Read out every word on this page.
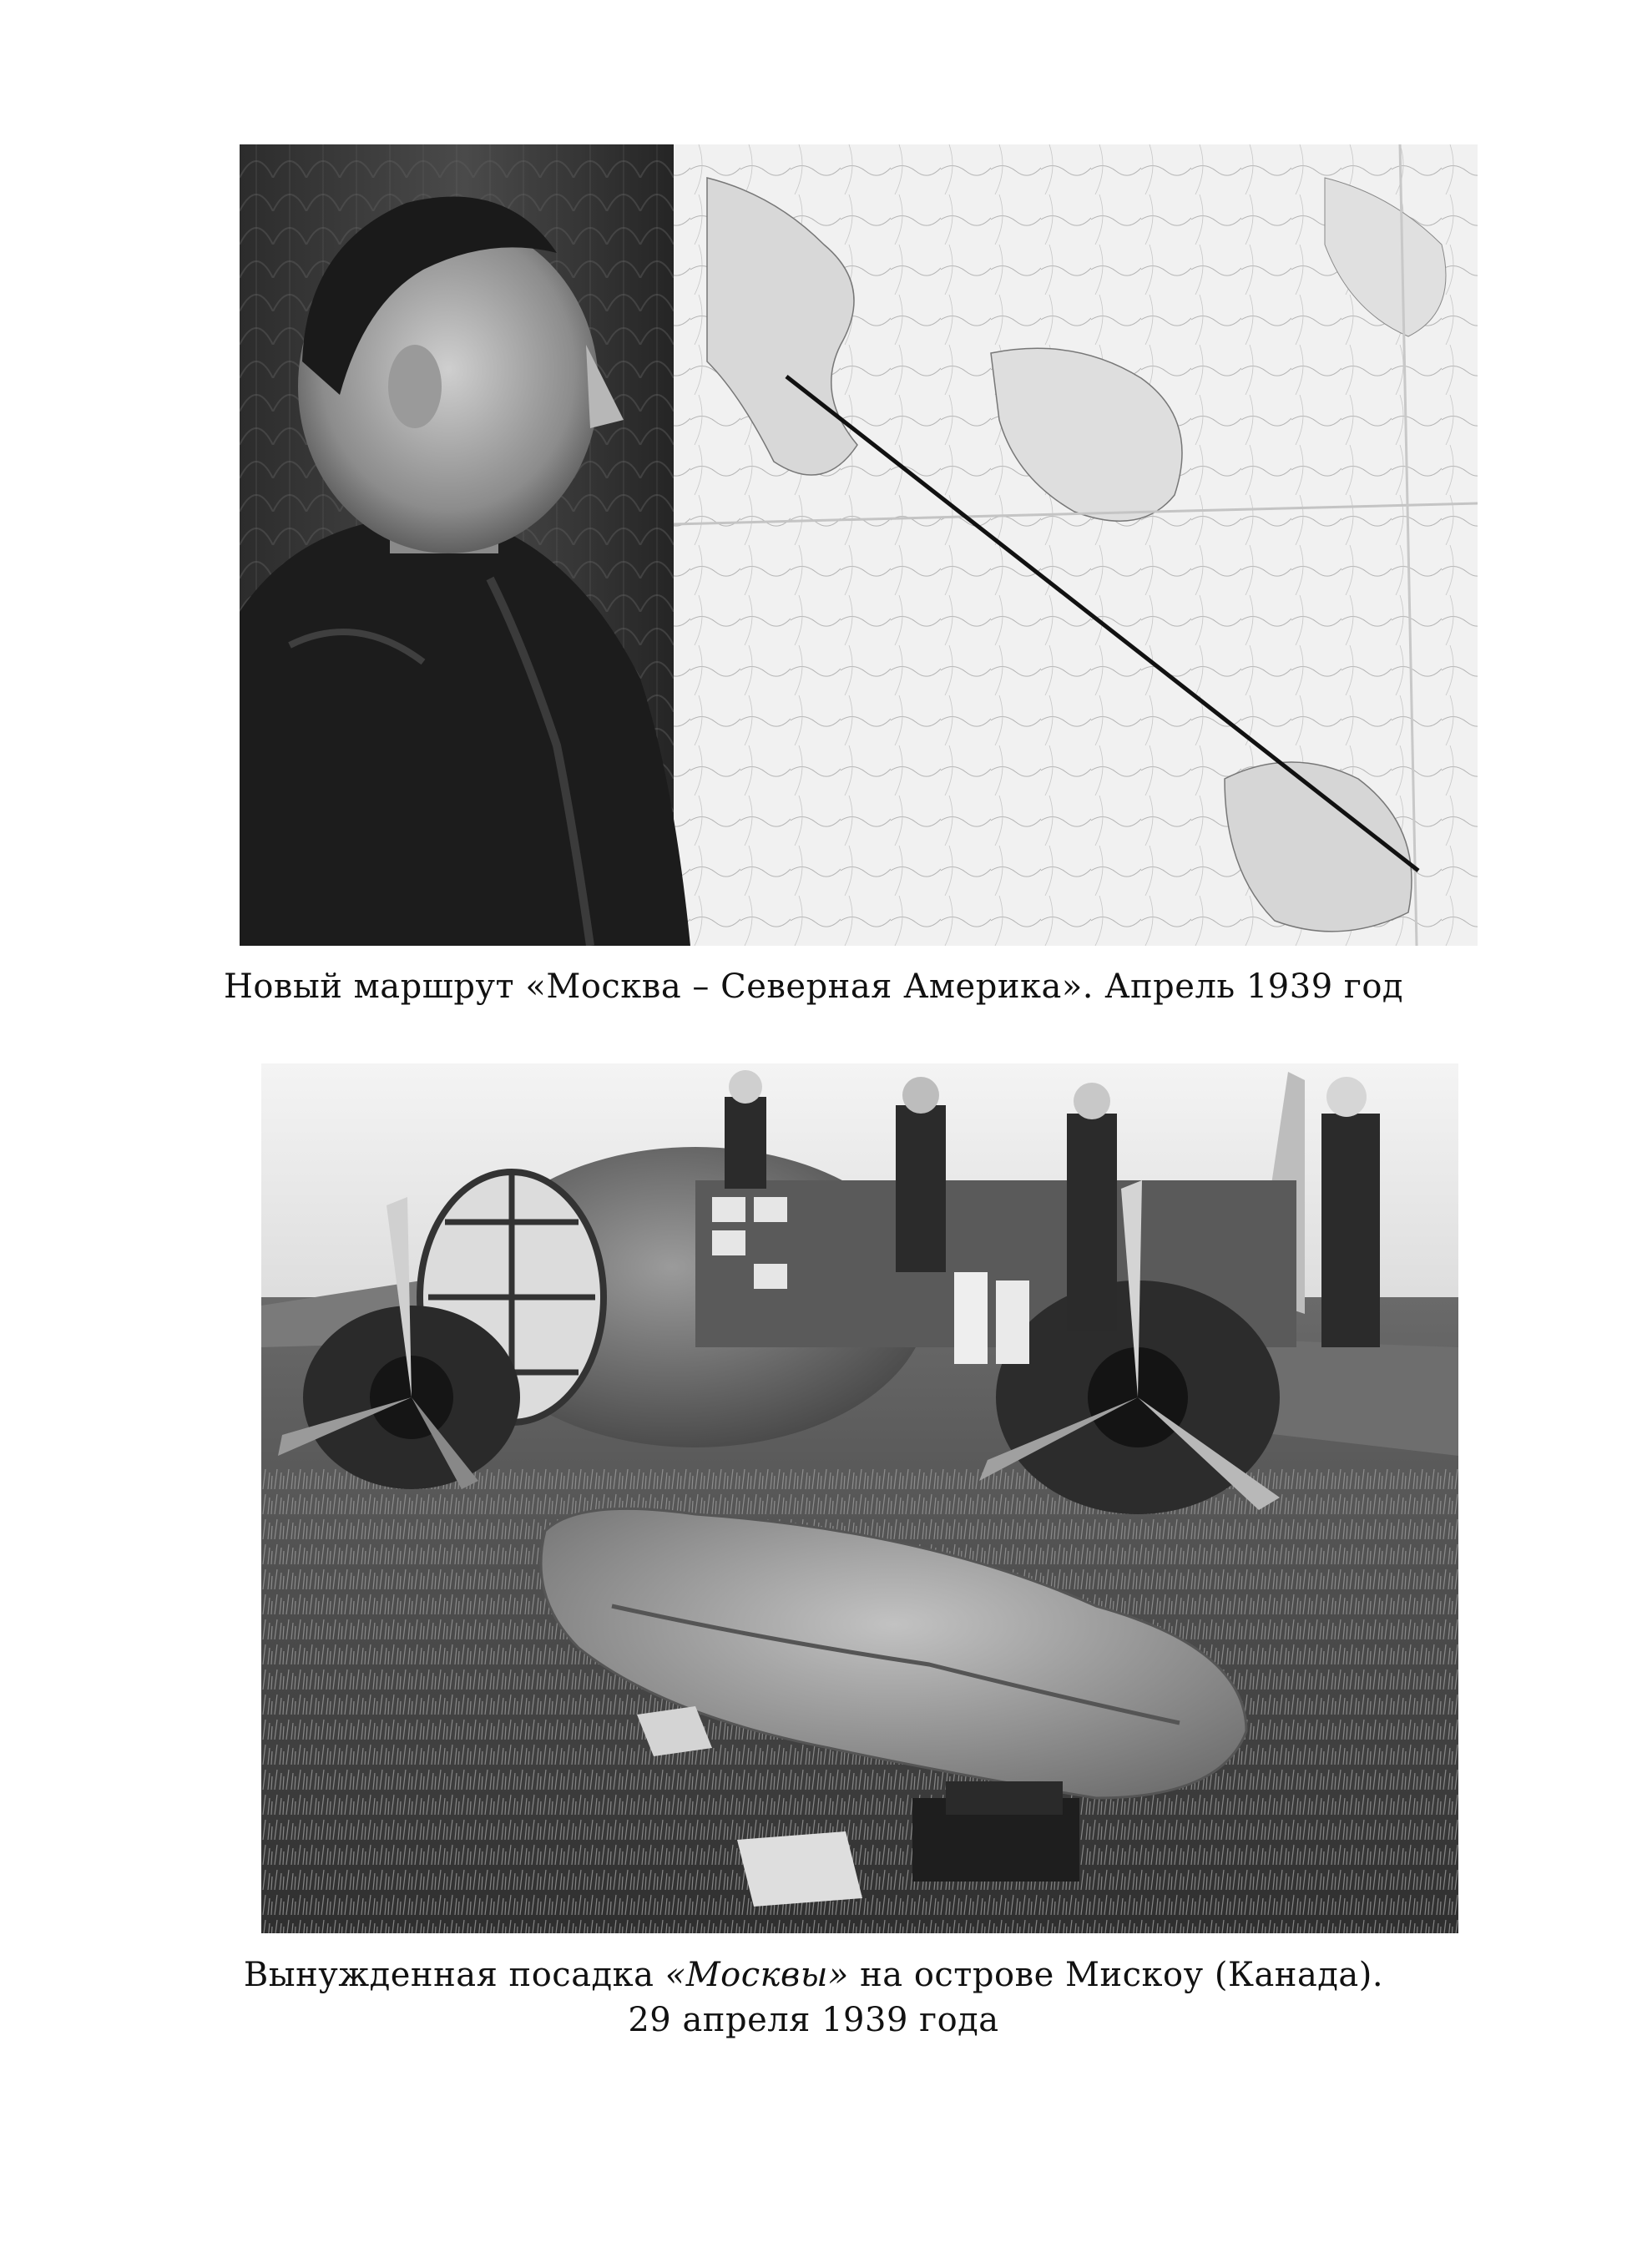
Новый маршрут «Москва – Северная Америка». Апрель 1939 год
Вынужденная посадка «Москвы» на острове Мискоу (Канада).
29 апреля 1939 года
